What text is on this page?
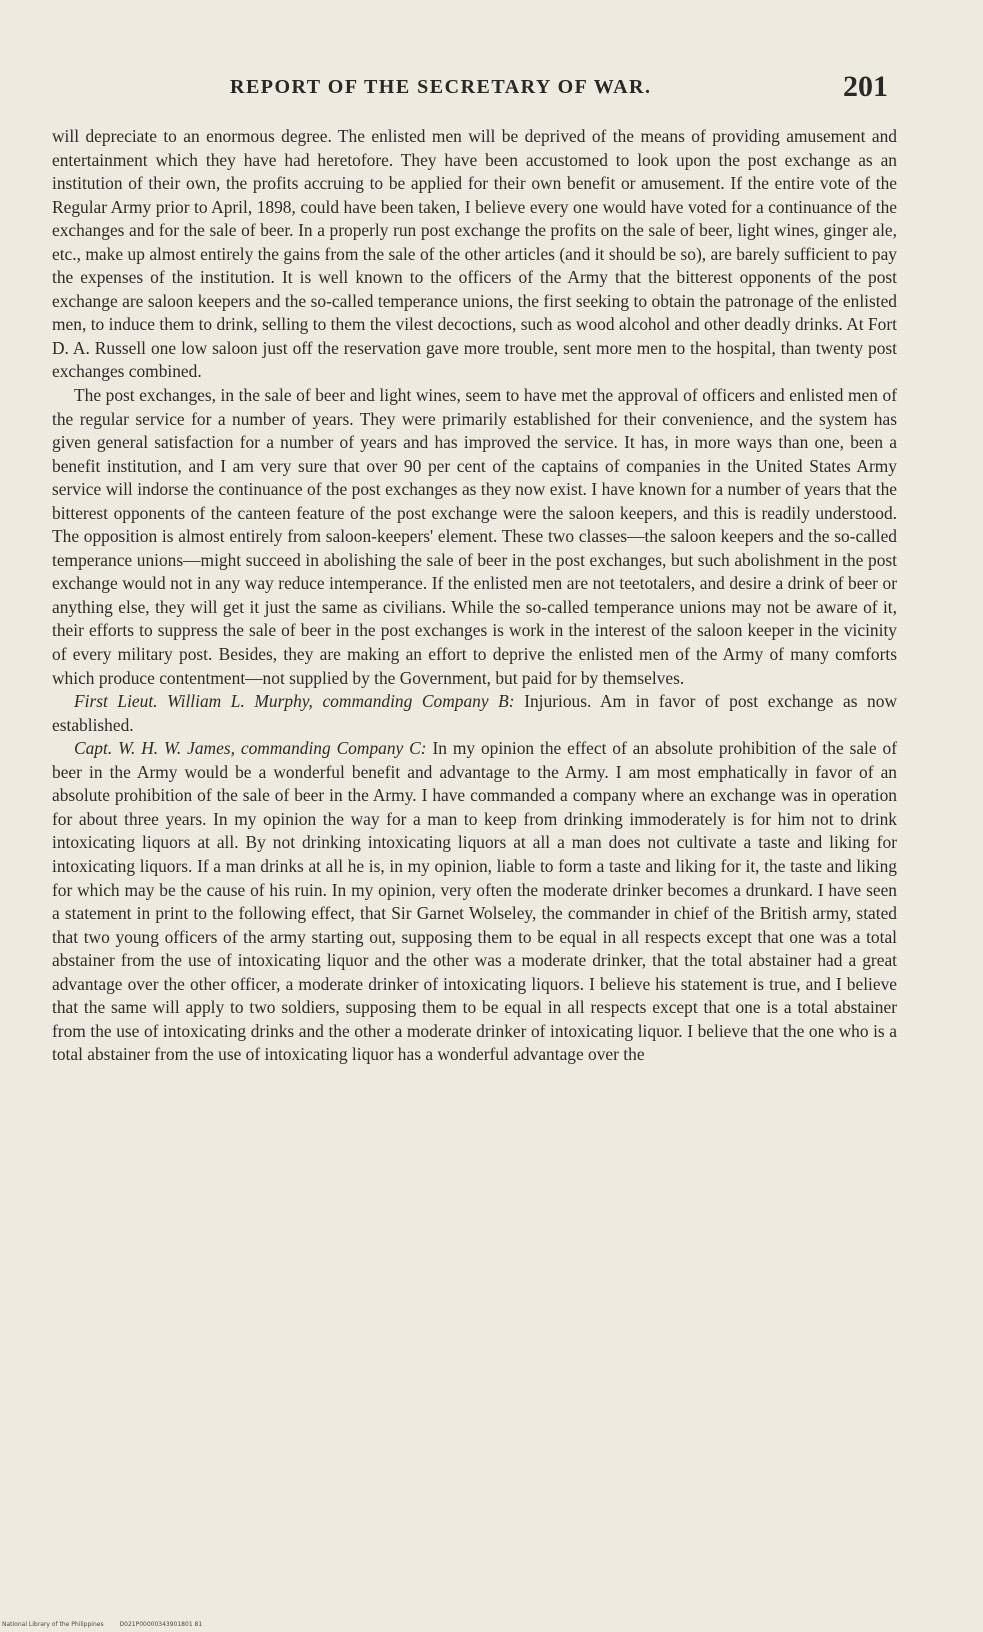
REPORT OF THE SECRETARY OF WAR.	201

will depreciate to an enormous degree. The enlisted men will be deprived of the means of providing amusement and entertainment which they have had heretofore. They have been accustomed to look upon the post exchange as an institution of their own, the profits accruing to be applied for their own benefit or amusement. If the entire vote of the Regular Army prior to April, 1898, could have been taken, I believe every one would have voted for a continuance of the exchanges and for the sale of beer. In a properly run post exchange the profits on the sale of beer, light wines, ginger ale, etc., make up almost entirely the gains from the sale of the other articles (and it should be so), are barely sufficient to pay the expenses of the institution. It is well known to the officers of the Army that the bitterest opponents of the post exchange are saloon keepers and the so-called temperance unions, the first seeking to obtain the patronage of the enlisted men, to induce them to drink, selling to them the vilest decoctions, such as wood alcohol and other deadly drinks. At Fort D. A. Russell one low saloon just off the reservation gave more trouble, sent more men to the hospital, than twenty post exchanges combined.

The post exchanges, in the sale of beer and light wines, seem to have met the approval of officers and enlisted men of the regular service for a number of years. They were primarily established for their convenience, and the system has given general satisfaction for a number of years and has improved the service. It has, in more ways than one, been a benefit institution, and I am very sure that over 90 per cent of the captains of companies in the United States Army service will indorse the continuance of the post exchanges as they now exist. I have known for a number of years that the bitterest opponents of the canteen feature of the post exchange were the saloon keepers, and this is readily understood. The opposition is almost entirely from saloon-keepers' element. These two classes—the saloon keepers and the so-called temperance unions—might succeed in abolishing the sale of beer in the post exchanges, but such abolishment in the post exchange would not in any way reduce intemperance. If the enlisted men are not teetotalers, and desire a drink of beer or anything else, they will get it just the same as civilians. While the so-called temperance unions may not be aware of it, their efforts to suppress the sale of beer in the post exchanges is work in the interest of the saloon keeper in the vicinity of every military post. Besides, they are making an effort to deprive the enlisted men of the Army of many comforts which produce contentment—not supplied by the Government, but paid for by themselves.

First Lieut. William L. Murphy, commanding Company B: Injurious. Am in favor of post exchange as now established.

Capt. W. H. W. James, commanding Company C: In my opinion the effect of an absolute prohibition of the sale of beer in the Army would be a wonderful benefit and advantage to the Army. I am most emphatically in favor of an absolute prohibition of the sale of beer in the Army. I have commanded a company where an exchange was in operation for about three years. In my opinion the way for a man to keep from drinking immoderately is for him not to drink intoxicating liquors at all. By not drinking intoxicating liquors at all a man does not cultivate a taste and liking for intoxicating liquors. If a man drinks at all he is, in my opinion, liable to form a taste and liking for it, the taste and liking for which may be the cause of his ruin. In my opinion, very often the moderate drinker becomes a drunkard. I have seen a statement in print to the following effect, that Sir Garnet Wolseley, the commander in chief of the British army, stated that two young officers of the army starting out, supposing them to be equal in all respects except that one was a total abstainer from the use of intoxicating liquor and the other was a moderate drinker, that the total abstainer had a great advantage over the other officer, a moderate drinker of intoxicating liquors. I believe his statement is true, and I believe that the same will apply to two soldiers, supposing them to be equal in all respects except that one is a total abstainer from the use of intoxicating drinks and the other a moderate drinker of intoxicating liquor. I believe that the one who is a total abstainer from the use of intoxicating liquor has a wonderful advantage over the

National Library of the Philippines	D021P00000343901801 81
